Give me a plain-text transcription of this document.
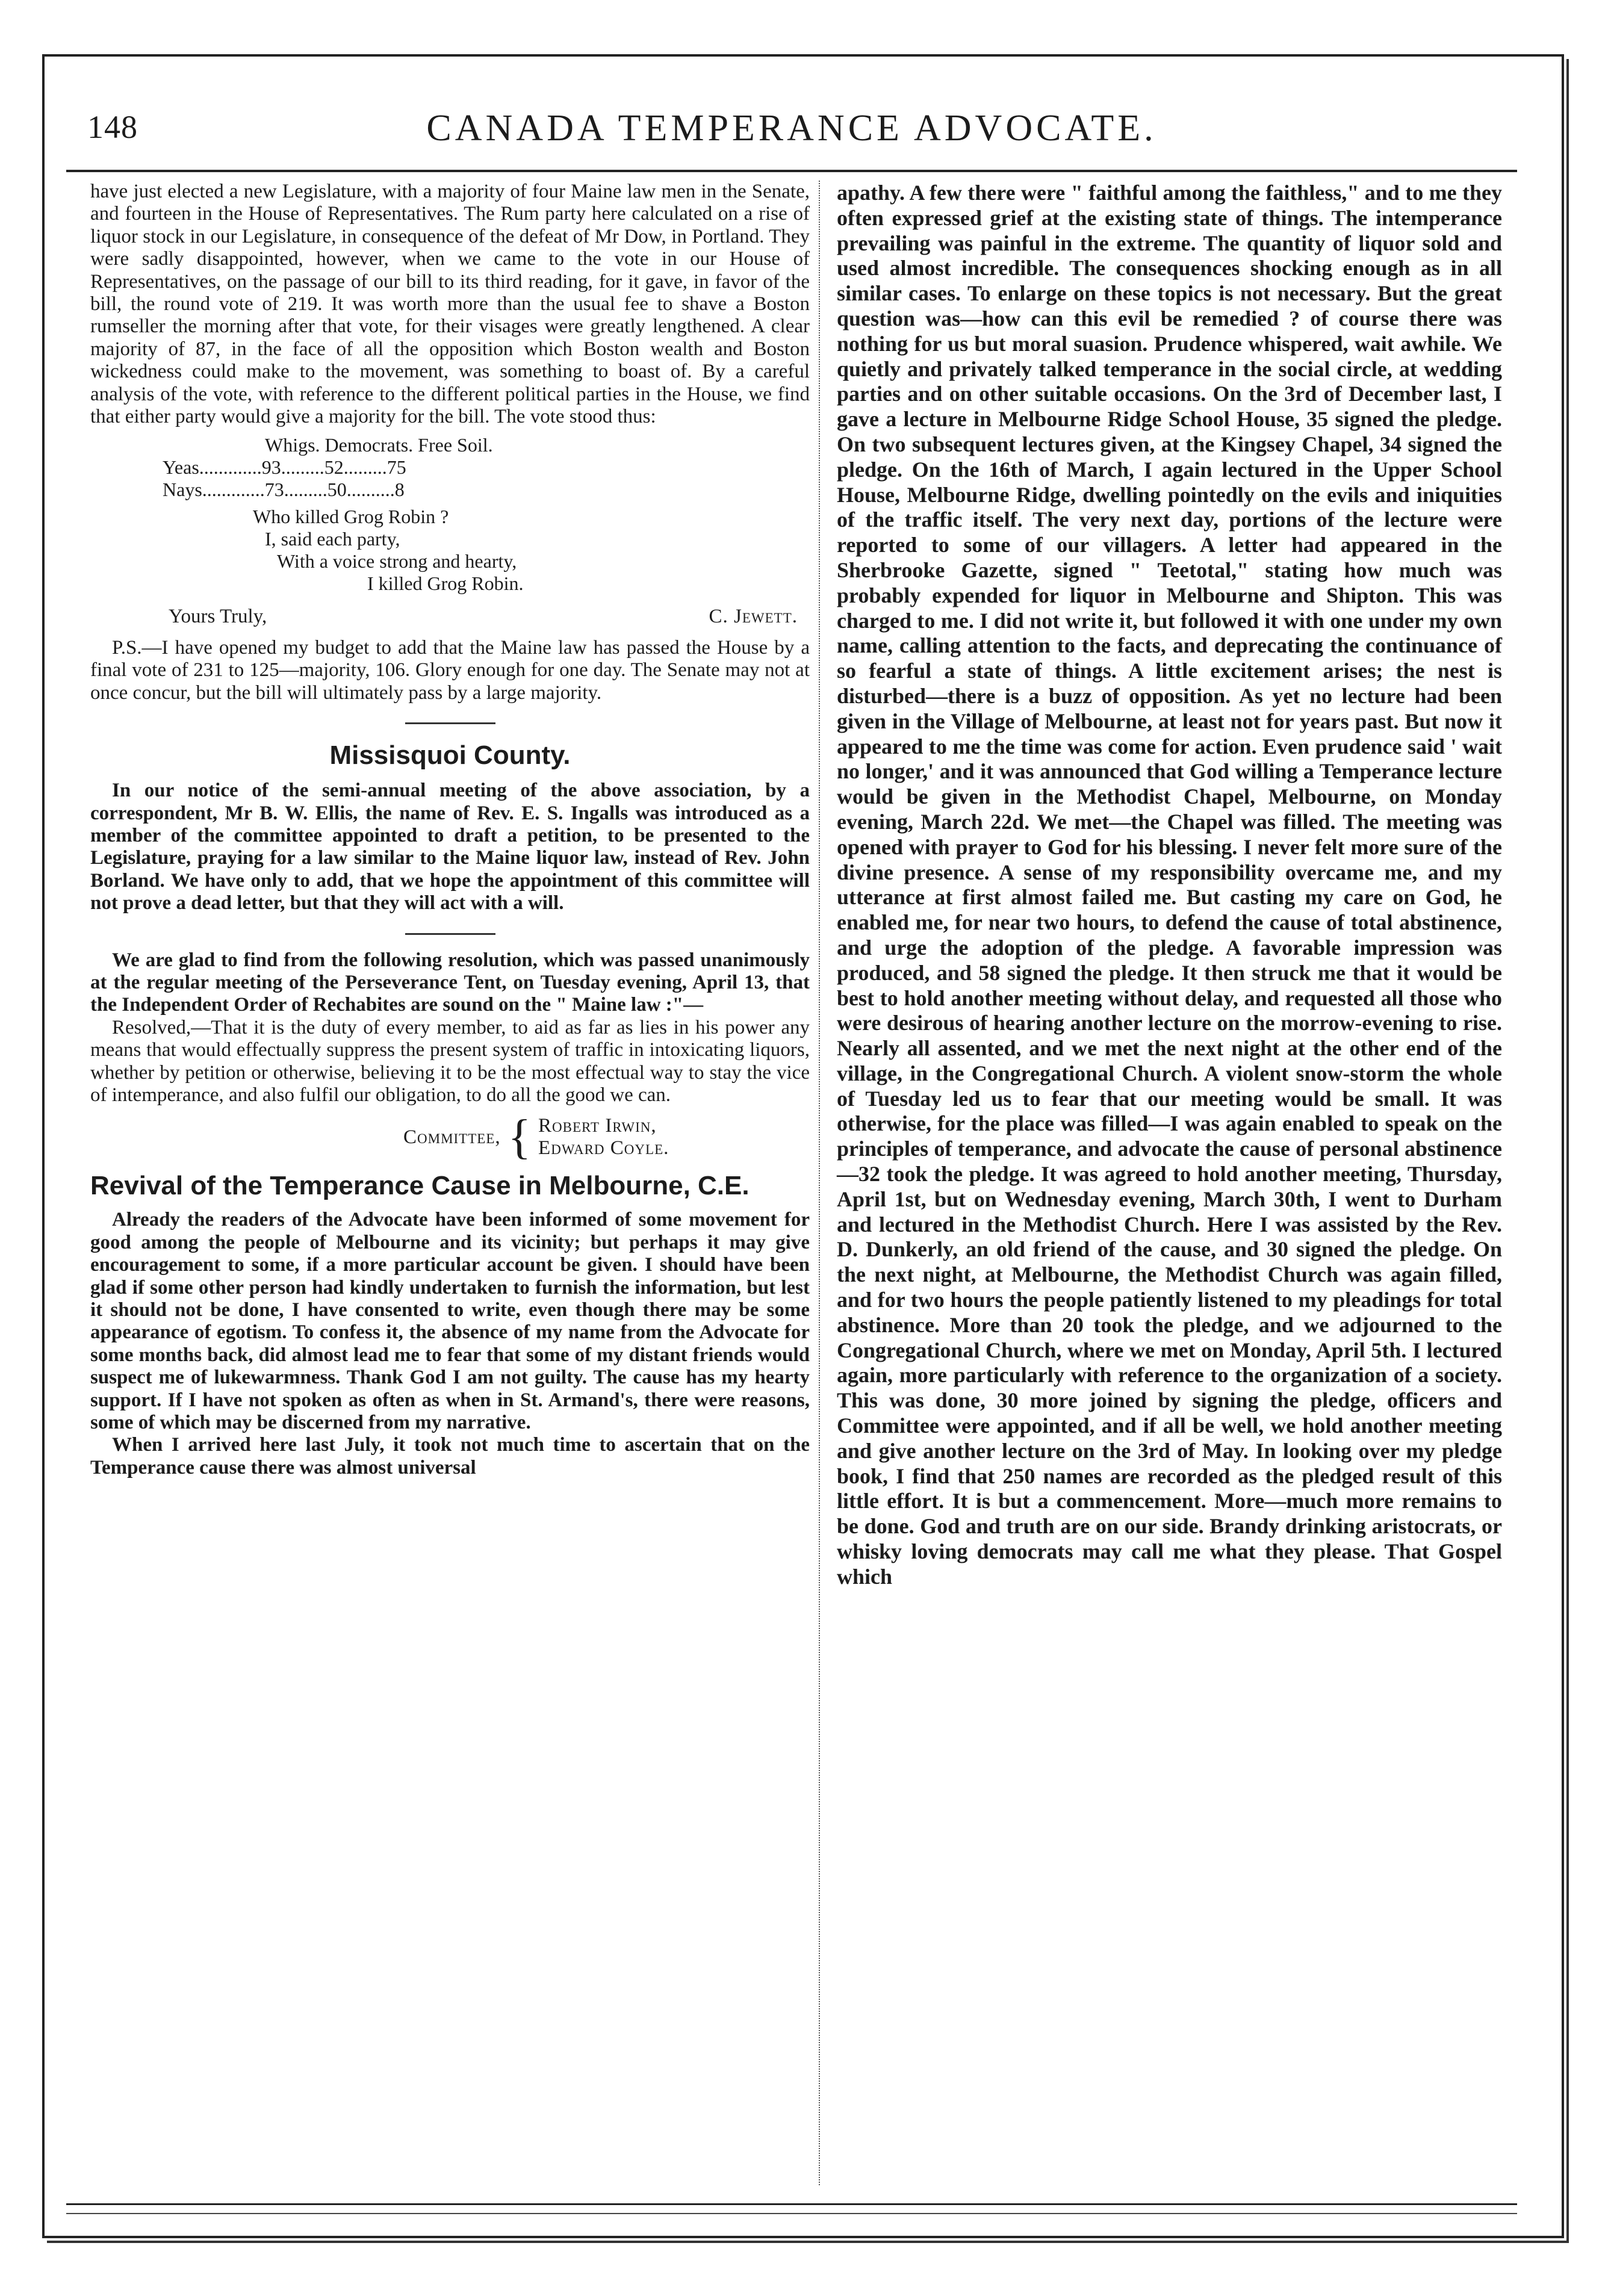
148	CANADA TEMPERANCE ADVOCATE.

have just elected a new Legislature, with a majority of four Maine law men in the Senate, and fourteen in the House of Representatives. The Rum party here calculated on a rise of liquor stock in our Legislature, in consequence of the defeat of Mr Dow, in Portland. They were sadly disappointed, however, when we came to the vote in our House of Representatives, on the passage of our bill to its third reading, for it gave, in favor of the bill, the round vote of 219. It was worth more than the usual fee to shave a Boston rumseller the morning after that vote, for their visages were greatly lengthened. A clear majority of 87, in the face of all the opposition which Boston wealth and Boston wickedness could make to the movement, was something to boast of. By a careful analysis of the vote, with reference to the different political parties in the House, we find that either party would give a majority for the bill. The vote stood thus:

Whigs. Democrats. Free Soil.
Yeas.............93.........52.........75
Nays.............73.........50..........8
Who killed Grog Robin ?
I, said each party,
With a voice strong and hearty,
I killed Grog Robin.
Yours Truly,	C. Jewett.

P.S.—I have opened my budget to add that the Maine law has passed the House by a final vote of 231 to 125—majority, 106. Glory enough for one day. The Senate may not at once concur, but the bill will ultimately pass by a large majority.

Missisquoi County.

In our notice of the semi-annual meeting of the above association, by a correspondent, Mr B. W. Ellis, the name of Rev. E. S. Ingalls was introduced as a member of the committee appointed to draft a petition, to be presented to the Legislature, praying for a law similar to the Maine liquor law, instead of Rev. John Borland. We have only to add, that we hope the appointment of this committee will not prove a dead letter, but that they will act with a will.

We are glad to find from the following resolution, which was passed unanimously at the regular meeting of the Perseverance Tent, on Tuesday evening, April 13, that the Independent Order of Rechabites are sound on the " Maine law :"—

Resolved,—That it is the duty of every member, to aid as far as lies in his power any means that would effectually suppress the present system of traffic in intoxicating liquors, whether by petition or otherwise, believing it to be the most effectual way to stay the vice of intemperance, and also fulfil our obligation, to do all the good we can.

Committee, { Robert Irwin,
Edward Coyle.
Revival of the Temperance Cause in Melbourne, C.E.

Already the readers of the Advocate have been informed of some movement for good among the people of Melbourne and its vicinity; but perhaps it may give encouragement to some, if a more particular account be given. I should have been glad if some other person had kindly undertaken to furnish the information, but lest it should not be done, I have consented to write, even though there may be some appearance of egotism. To confess it, the absence of my name from the Advocate for some months back, did almost lead me to fear that some of my distant friends would suspect me of lukewarmness. Thank God I am not guilty. The cause has my hearty support. If I have not spoken as often as when in St. Armand's, there were reasons, some of which may be discerned from my narrative.

When I arrived here last July, it took not much time to ascertain that on the Temperance cause there was almost universal

apathy. A few there were " faithful among the faithless," and to me they often expressed grief at the existing state of things. The intemperance prevailing was painful in the extreme. The quantity of liquor sold and used almost incredible. The consequences shocking enough as in all similar cases. To enlarge on these topics is not necessary. But the great question was—how can this evil be remedied ? of course there was nothing for us but moral suasion. Prudence whispered, wait awhile. We quietly and privately talked temperance in the social circle, at wedding parties and on other suitable occasions. On the 3rd of December last, I gave a lecture in Melbourne Ridge School House, 35 signed the pledge. On two subsequent lectures given, at the Kingsey Chapel, 34 signed the pledge. On the 16th of March, I again lectured in the Upper School House, Melbourne Ridge, dwelling pointedly on the evils and iniquities of the traffic itself. The very next day, portions of the lecture were reported to some of our villagers. A letter had appeared in the Sherbrooke Gazette, signed " Teetotal," stating how much was probably expended for liquor in Melbourne and Shipton. This was charged to me. I did not write it, but followed it with one under my own name, calling attention to the facts, and deprecating the continuance of so fearful a state of things. A little excitement arises; the nest is disturbed—there is a buzz of opposition. As yet no lecture had been given in the Village of Melbourne, at least not for years past. But now it appeared to me the time was come for action. Even prudence said ' wait no longer,' and it was announced that God willing a Temperance lecture would be given in the Methodist Chapel, Melbourne, on Monday evening, March 22d. We met—the Chapel was filled. The meeting was opened with prayer to God for his blessing. I never felt more sure of the divine presence. A sense of my responsibility overcame me, and my utterance at first almost failed me. But casting my care on God, he enabled me, for near two hours, to defend the cause of total abstinence, and urge the adoption of the pledge. A favorable impression was produced, and 58 signed the pledge. It then struck me that it would be best to hold another meeting without delay, and requested all those who were desirous of hearing another lecture on the morrow-evening to rise. Nearly all assented, and we met the next night at the other end of the village, in the Congregational Church. A violent snow-storm the whole of Tuesday led us to fear that our meeting would be small. It was otherwise, for the place was filled—I was again enabled to speak on the principles of temperance, and advocate the cause of personal abstinence—32 took the pledge. It was agreed to hold another meeting, Thursday, April 1st, but on Wednesday evening, March 30th, I went to Durham and lectured in the Methodist Church. Here I was assisted by the Rev. D. Dunkerly, an old friend of the cause, and 30 signed the pledge. On the next night, at Melbourne, the Methodist Church was again filled, and for two hours the people patiently listened to my pleadings for total abstinence. More than 20 took the pledge, and we adjourned to the Congregational Church, where we met on Monday, April 5th. I lectured again, more particularly with reference to the organization of a society. This was done, 30 more joined by signing the pledge, officers and Committee were appointed, and if all be well, we hold another meeting and give another lecture on the 3rd of May. In looking over my pledge book, I find that 250 names are recorded as the pledged result of this little effort. It is but a commencement. More—much more remains to be done. God and truth are on our side. Brandy drinking aristocrats, or whisky loving democrats may call me what they please. That Gospel which
